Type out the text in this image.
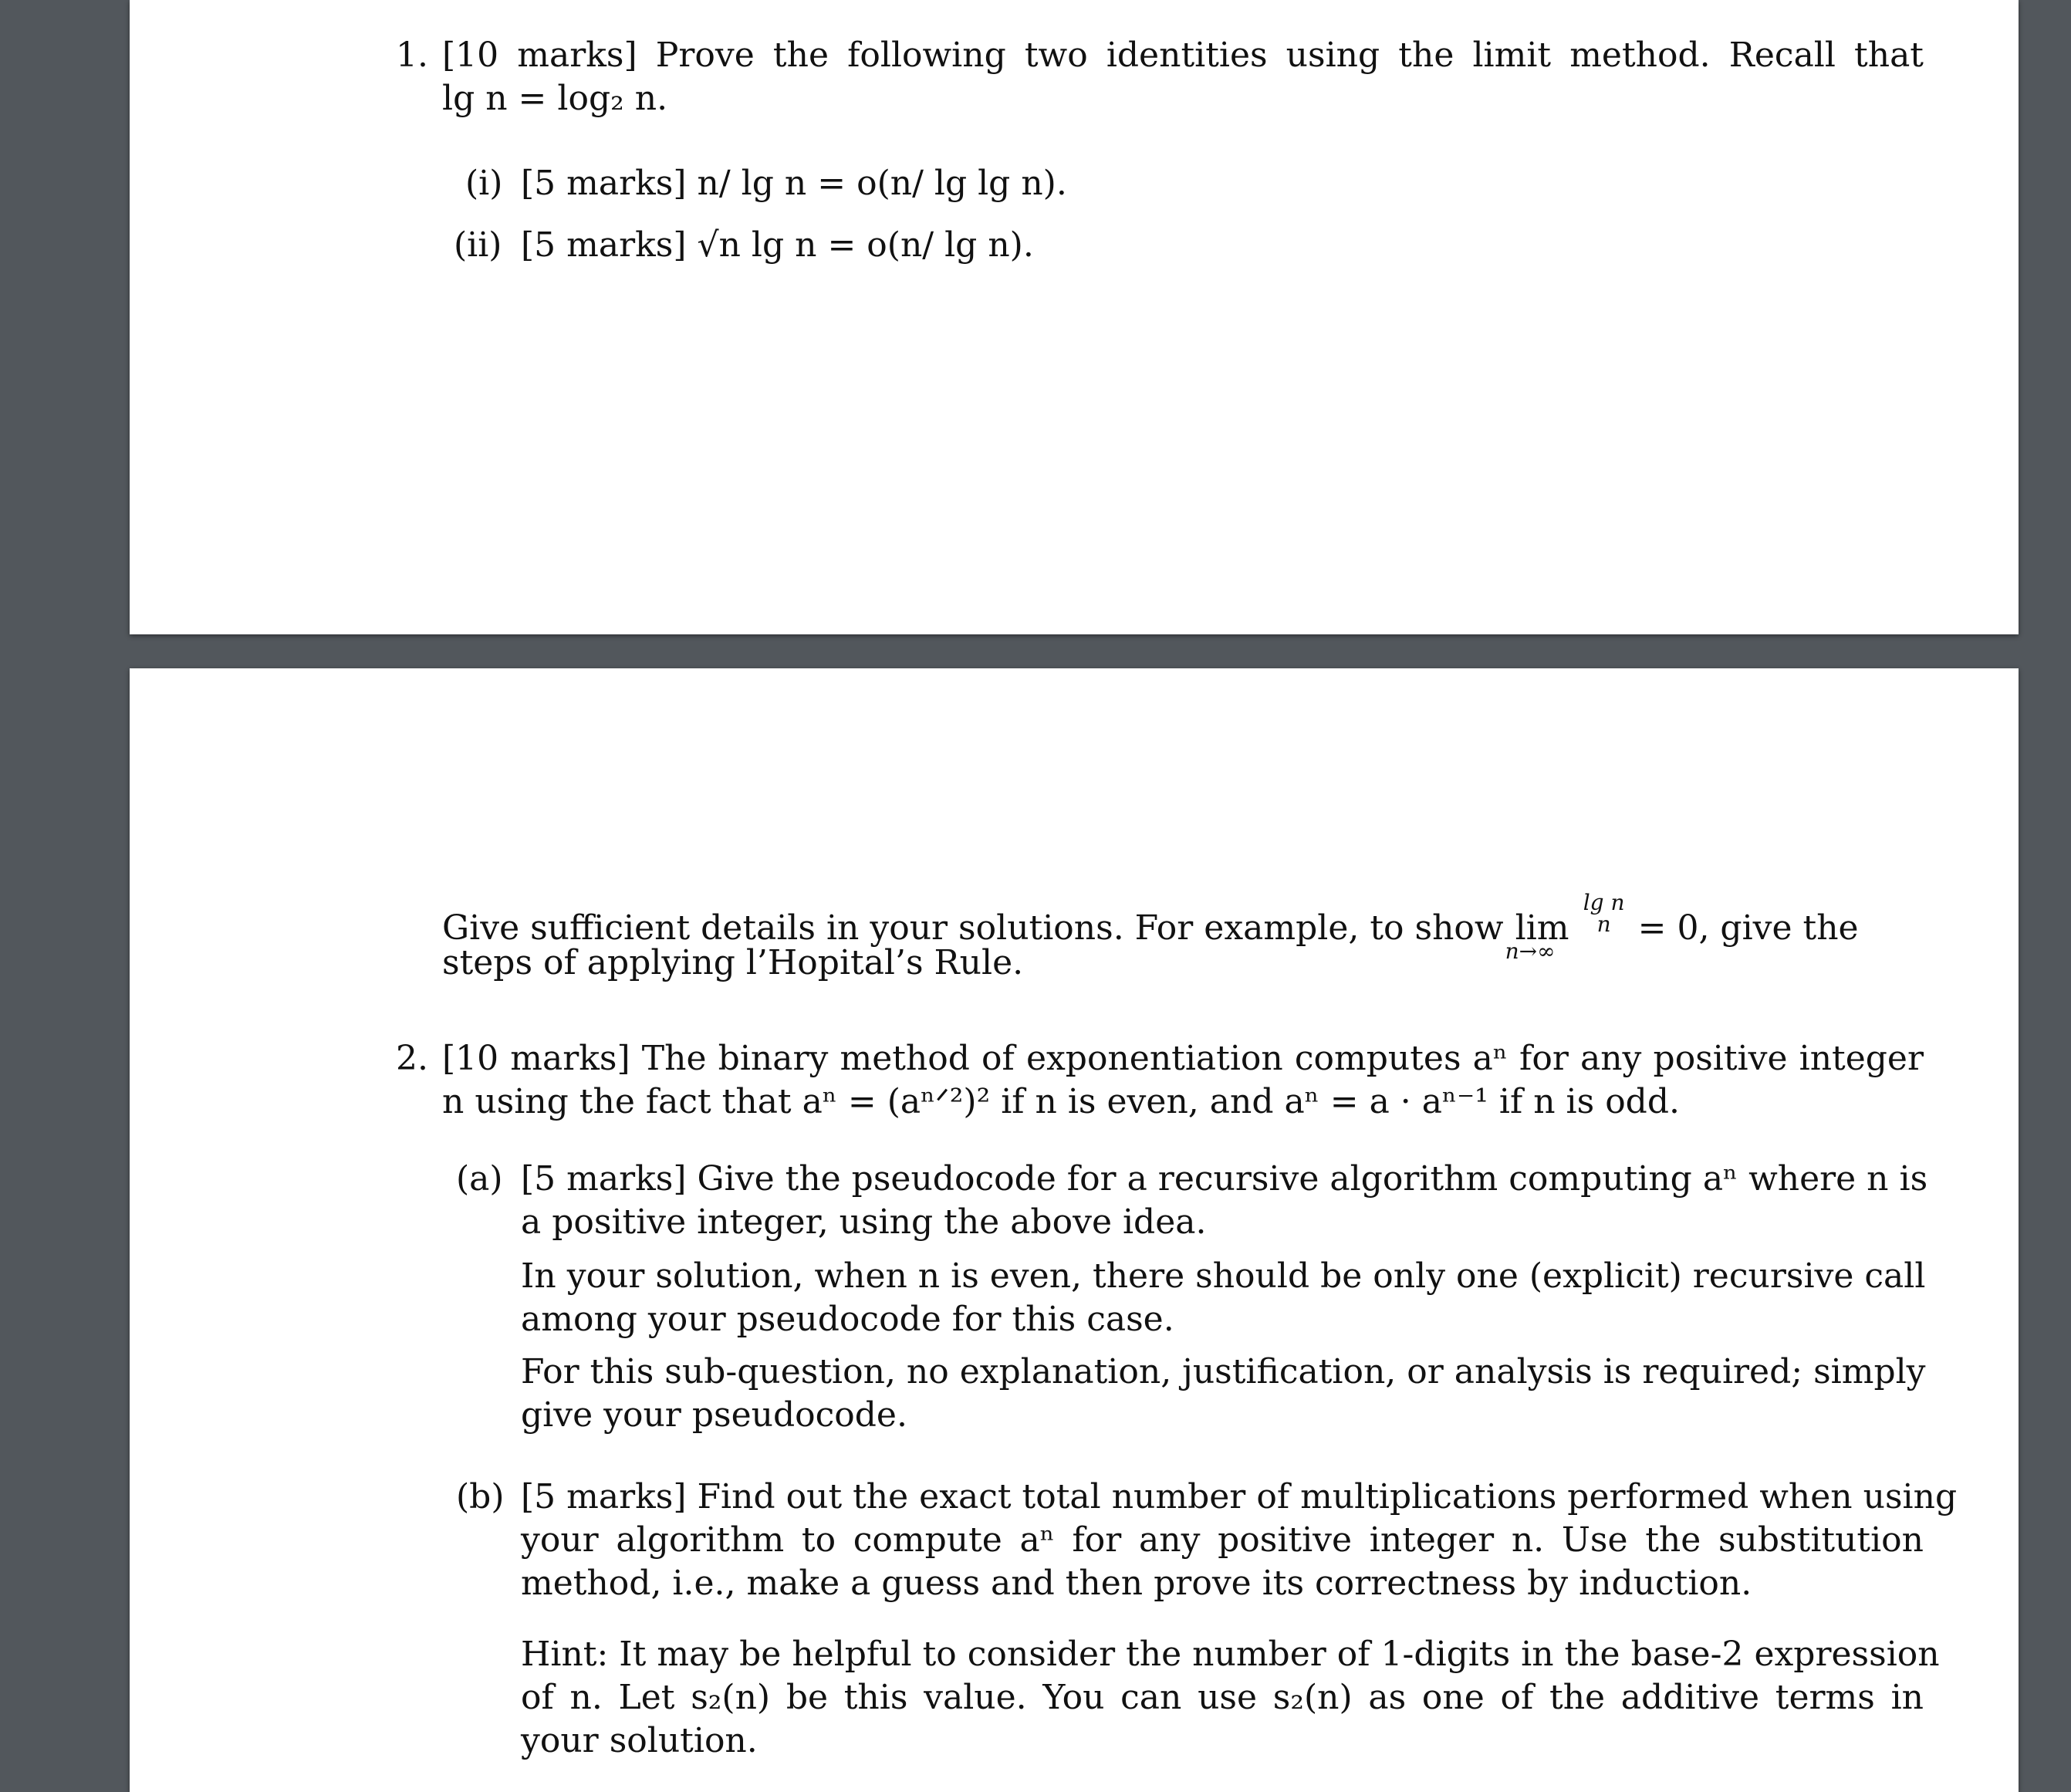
1. [10 marks] Prove the following two identities using the limit method. Recall that
lg n = log₂ n.
(i) [5 marks] n/ lg n = o(n/ lg lg n).
(ii) [5 marks] √n lg n = o(n/ lg n).
Give sufficient details in your solutions. For example, to show lim
n→∞

lg n
n = 0, give the
steps of applying l’Hopital’s Rule.
2. [10 marks] The binary method of exponentiation computes aⁿ for any positive integer
n using the fact that aⁿ = (aⁿᐟ²)² if n is even, and aⁿ = a · aⁿ⁻¹ if n is odd.
(a) [5 marks] Give the pseudocode for a recursive algorithm computing aⁿ where n is
a positive integer, using the above idea.
In your solution, when n is even, there should be only one (explicit) recursive call
among your pseudocode for this case.
For this sub-question, no explanation, justification, or analysis is required; simply
give your pseudocode.
(b) [5 marks] Find out the exact total number of multiplications performed when using
your algorithm to compute aⁿ for any positive integer n. Use the substitution
method, i.e., make a guess and then prove its correctness by induction.
Hint: It may be helpful to consider the number of 1-digits in the base-2 expression
of n. Let s₂(n) be this value. You can use s₂(n) as one of the additive terms in
your solution.
